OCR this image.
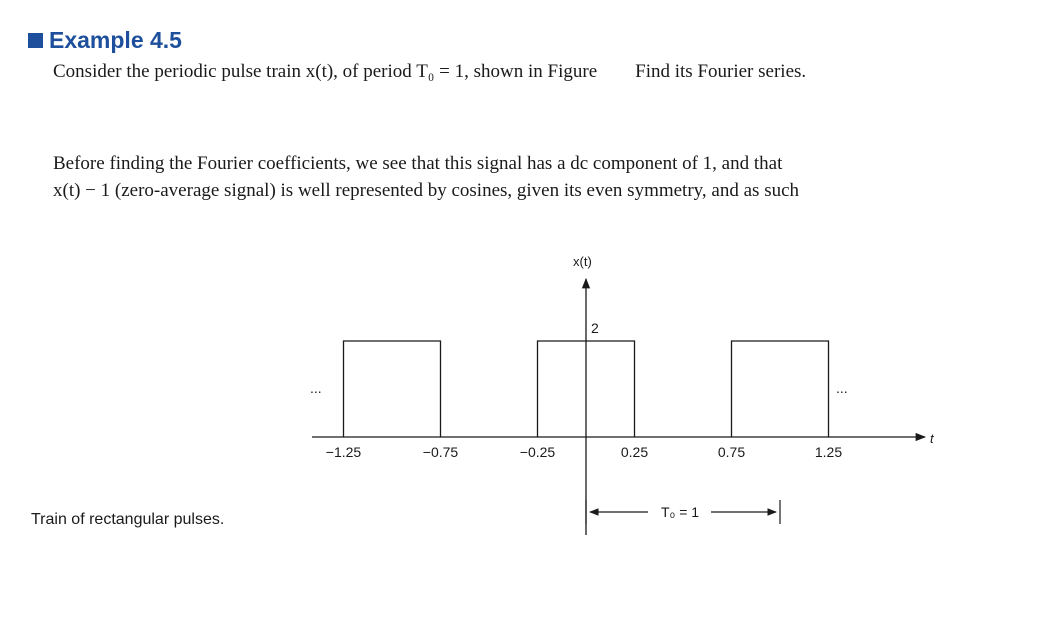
Example 4.5

Consider the periodic pulse train x(t), of period T₀ = 1, shown in Figure Find its Fourier series.

Before finding the Fourier coefficients, we see that this signal has a dc component of 1, and that
x(t) − 1 (zero-average signal) is well represented by cosines, given its even symmetry, and as such

x(t)
t
2
...	...
−1.25	−0.75	−0.25	0.25	0.75	1.25
T₀ = 1

Train of rectangular pulses.
